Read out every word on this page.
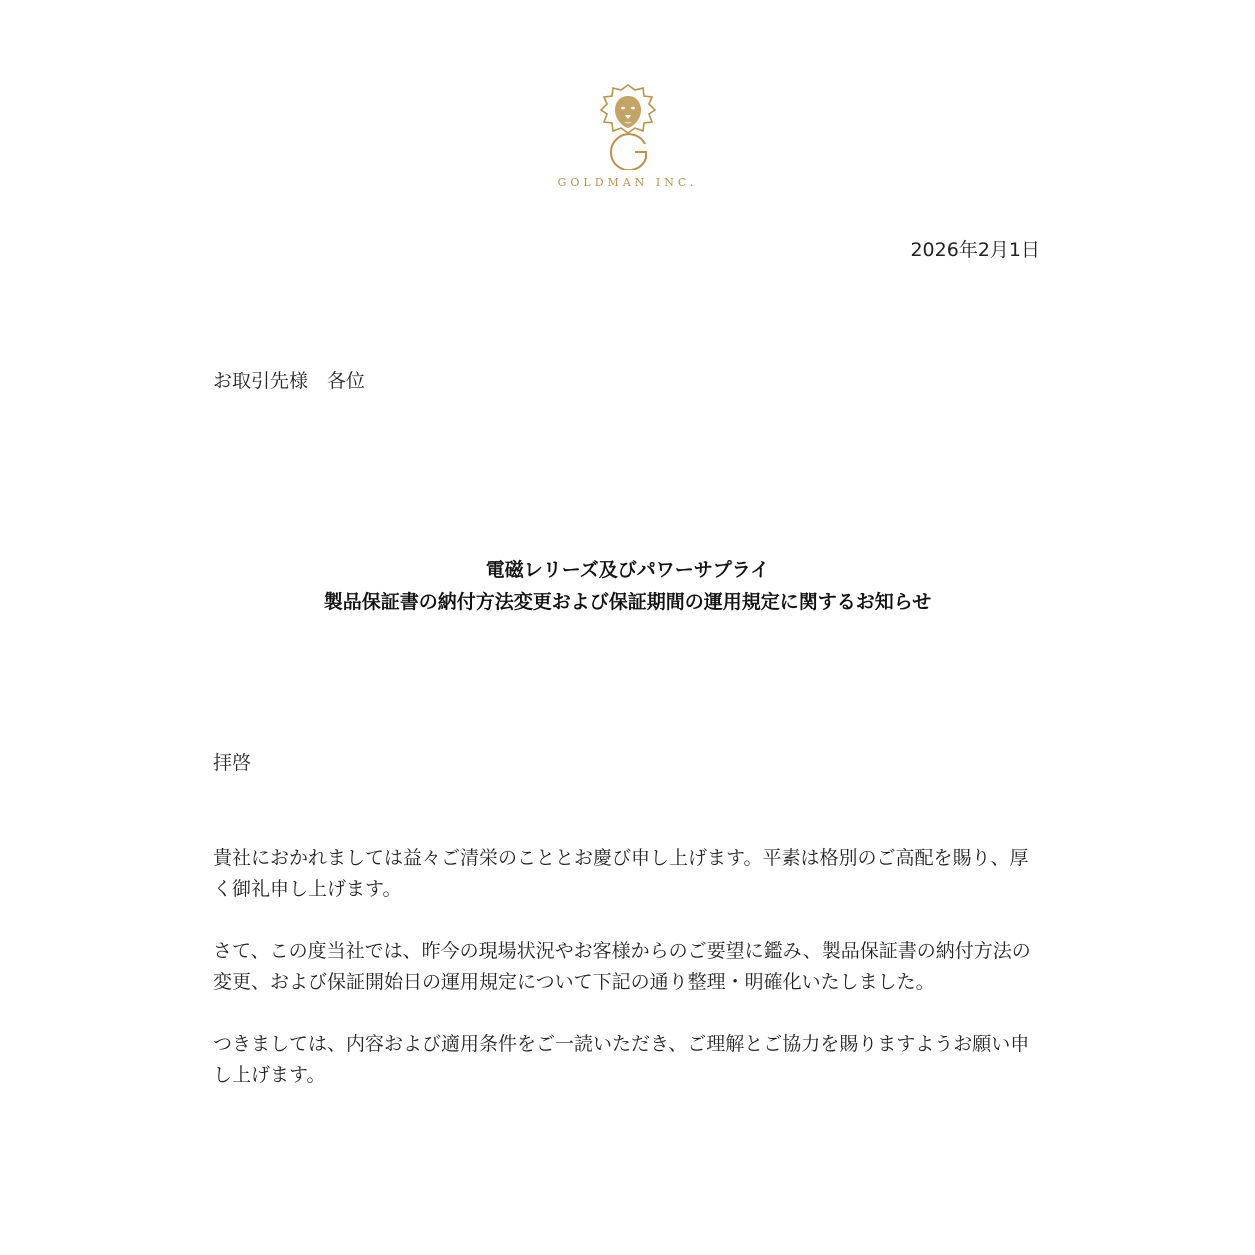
GOLDMAN INC.
2026年2月1日
お取引先様　各位
電磁レリーズ及びパワーサプライ
製品保証書の納付方法変更および保証期間の運用規定に関するお知らせ
拝啓

貴社におかれましては益々ご清栄のこととお慶び申し上げます。平素は格別のご高配を賜り、厚く御礼申し上げます。

さて、この度当社では、昨今の現場状況やお客様からのご要望に鑑み、製品保証書の納付方法の変更、および保証開始日の運用規定について下記の通り整理・明確化いたしました。

つきましては、内容および適用条件をご一読いただき、ご理解とご協力を賜りますようお願い申し上げます。
